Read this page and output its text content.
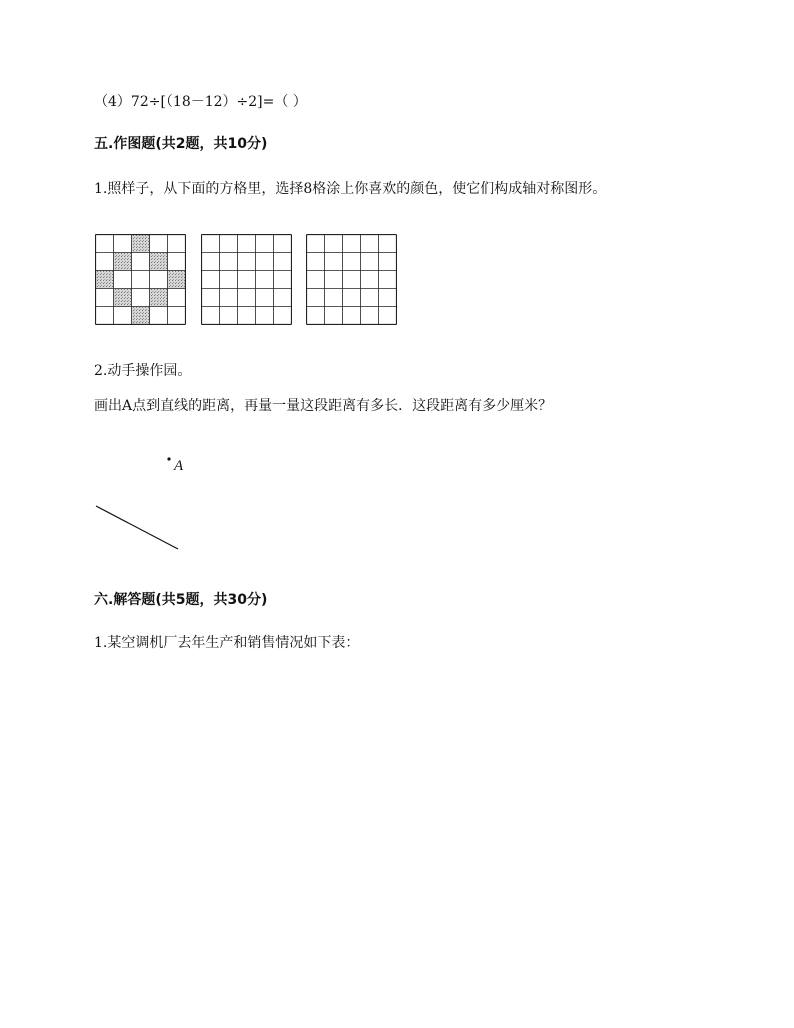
（4）72÷[（18－12）÷2]=（ ）
五.作图题(共2题，共10分)
1.照样子，从下面的方格里，选择8格涂上你喜欢的颜色，使它们构成轴对称图形。
2.动手操作园。
画出A点到直线的距离，再量一量这段距离有多长．这段距离有多少厘米？
A
六.解答题(共5题，共30分)
1.某空调机厂去年生产和销售情况如下表：
